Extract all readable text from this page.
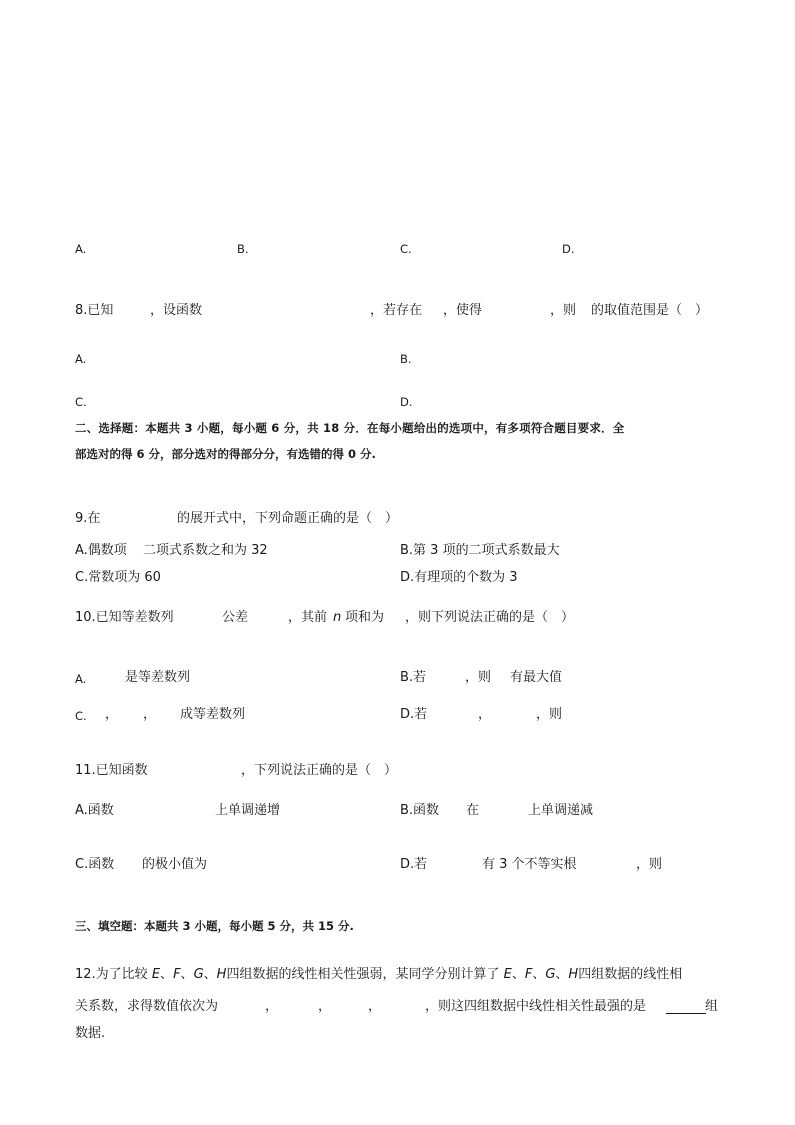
A.	B.	C.	D.
8.已知	，设函数	，若存在 ，使得	，则 的取值范围是（　）
A.	B.
C.	D.
二、选择题：本题共 3 小题，每小题 6 分，共 18 分．在每小题给出的选项中，有多项符合题目要求．全
部选对的得 6 分，部分选对的得部分分，有选错的得 0 分.
9.在	的展开式中，下列命题正确的是（　）
A.偶数项 二项式系数之和为 32	B.第 3 项的二项式系数最大
C.常数项为 60	D.有理项的个数为 3
10.已知等差数列	公差	，其前 n 项和为 ，则下列说法正确的是（　）
A.	是等差数列	B.若	，则 有最大值
C. ， ， 成等差数列	D.若	，	，则
11.已知函数	，下列说法正确的是（　）
A.函数	上单调递增	B.函数 在	上单调递减
C.函数 的极小值为	D.若	有 3 个不等实根	，则
三、填空题：本题共 3 小题，每小题 5 分，共 15 分.
12.为了比较 E、F、G、H四组数据的线性相关性强弱，某同学分别计算了 E、F、G、H四组数据的线性相
关系数，求得数值依次为	，	，	，	，则这四组数据中线性相关性最强的是	组
数据.
